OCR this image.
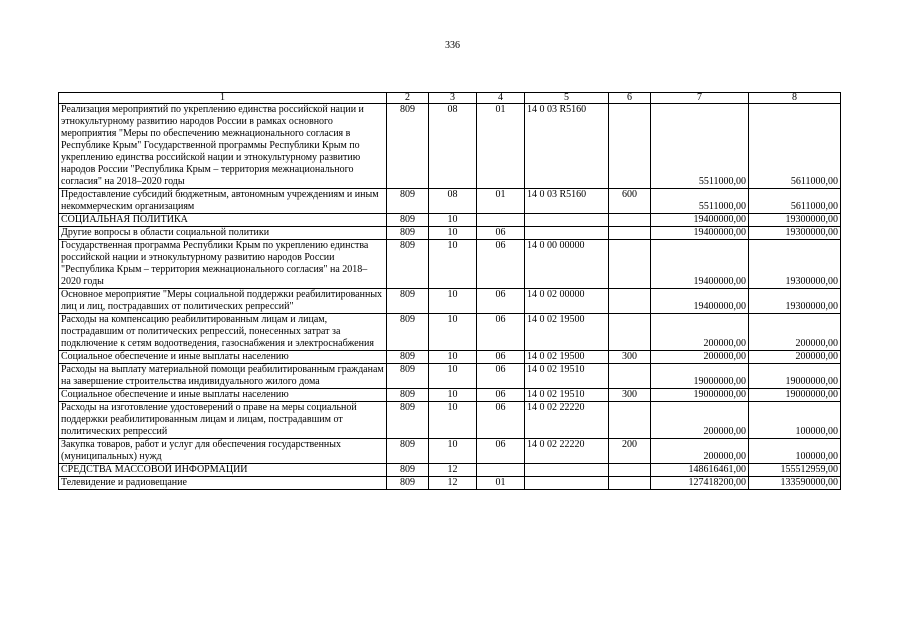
336
1	2	3	4	5	6	7	8
Реализация мероприятий по укреплению единства российской нации и этнокультурному развитию народов России в рамках основного мероприятия "Меры по обеспечению межнационального согласия в Республике Крым" Государственной программы Республики Крым по укреплению единства российской нации и этнокультурному развитию народов России "Республика Крым – территория межнационального согласия" на 2018–2020 годы	809	08	01	14 0 03 R5160		5511000,00	5611000,00
Предоставление субсидий бюджетным, автономным учреждениям и иным некоммерческим организациям	809	08	01	14 0 03 R5160	600	5511000,00	5611000,00
СОЦИАЛЬНАЯ ПОЛИТИКА	809	10				19400000,00	19300000,00
Другие вопросы в области социальной политики	809	10	06			19400000,00	19300000,00
Государственная программа Республики Крым по укреплению единства российской нации и этнокультурному развитию народов России "Республика Крым – территория межнационального согласия" на 2018–2020 годы	809	10	06	14 0 00 00000		19400000,00	19300000,00
Основное мероприятие "Меры социальной поддержки реабилитированных лиц и лиц, пострадавших от политических репрессий"	809	10	06	14 0 02 00000		19400000,00	19300000,00
Расходы на компенсацию реабилитированным лицам и лицам, пострадавшим от политических репрессий, понесенных затрат за подключение к сетям водоотведения, газоснабжения и электроснабжения	809	10	06	14 0 02 19500		200000,00	200000,00
Социальное обеспечение и иные выплаты населению	809	10	06	14 0 02 19500	300	200000,00	200000,00
Расходы на выплату материальной помощи реабилитированным гражданам на завершение строительства индивидуального жилого дома	809	10	06	14 0 02 19510		19000000,00	19000000,00
Социальное обеспечение и иные выплаты населению	809	10	06	14 0 02 19510	300	19000000,00	19000000,00
Расходы на изготовление удостоверений о праве на меры социальной поддержки реабилитированным лицам и лицам, пострадавшим от политических репрессий	809	10	06	14 0 02 22220		200000,00	100000,00
Закупка товаров, работ и услуг для обеспечения государственных (муниципальных) нужд	809	10	06	14 0 02 22220	200	200000,00	100000,00
СРЕДСТВА МАССОВОЙ ИНФОРМАЦИИ	809	12				148616461,00	155512959,00
Телевидение и радиовещание	809	12	01			127418200,00	133590000,00
